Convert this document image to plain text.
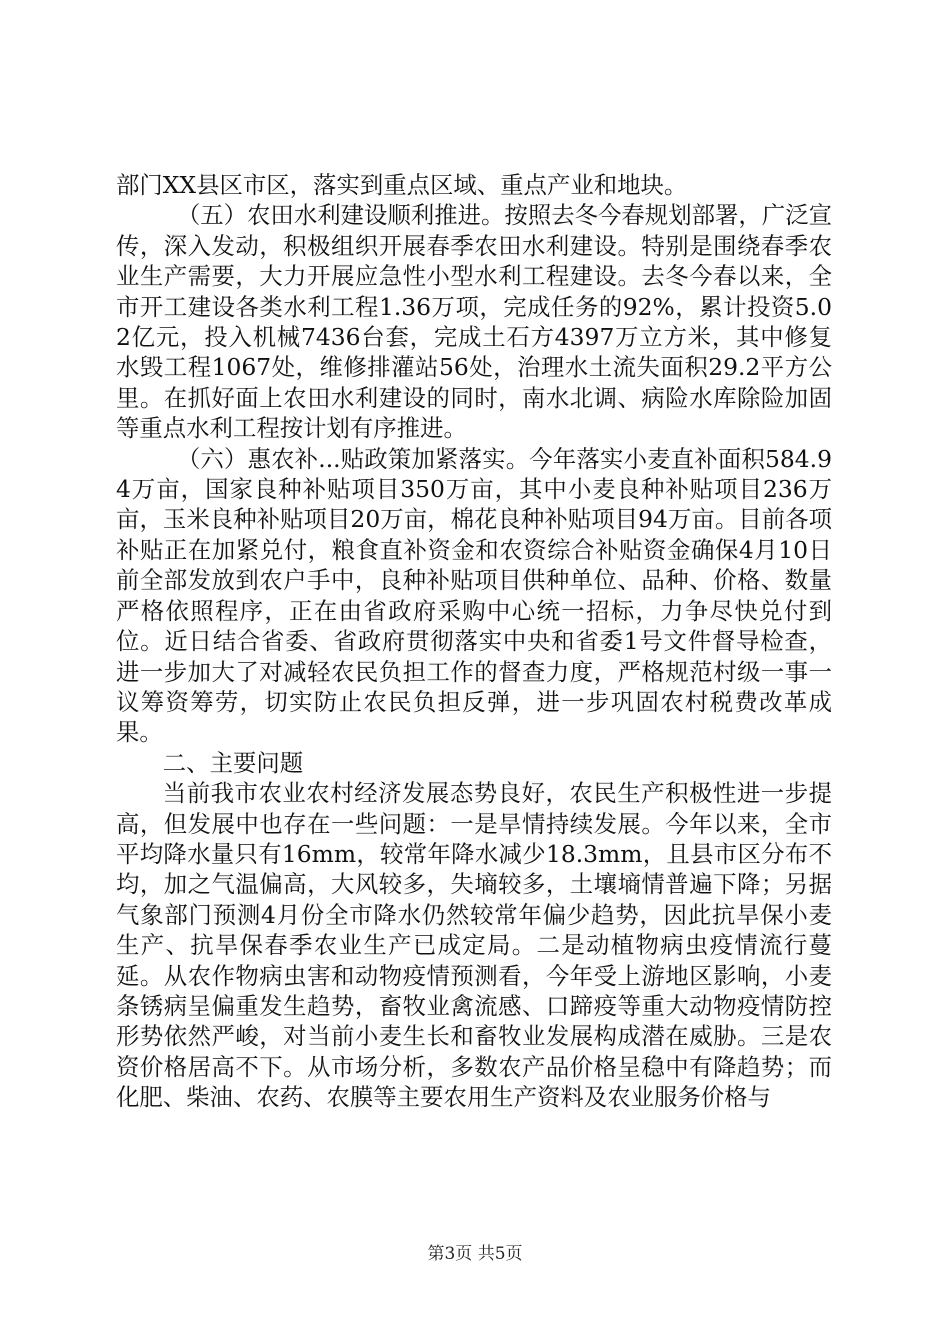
部门XX县区市区，落实到重点区域、重点产业和地块。

（五）农田水利建设顺利推进。按照去冬今春规划部署，广泛宣传，深入发动，积极组织开展春季农田水利建设。特别是围绕春季农业生产需要，大力开展应急性小型水利工程建设。去冬今春以来，全市开工建设各类水利工程1.36万项，完成任务的92%，累计投资5.02亿元，投入机械7436台套，完成土石方4397万立方米，其中修复水毁工程1067处，维修排灌站56处，治理水土流失面积29.2平方公里。在抓好面上农田水利建设的同时，南水北调、病险水库除险加固等重点水利工程按计划有序推进。

（六）惠农补...贴政策加紧落实。今年落实小麦直补面积584.94万亩，国家良种补贴项目350万亩，其中小麦良种补贴项目236万亩，玉米良种补贴项目20万亩，棉花良种补贴项目94万亩。目前各项补贴正在加紧兑付，粮食直补资金和农资综合补贴资金确保4月10日前全部发放到农户手中，良种补贴项目供种单位、品种、价格、数量严格依照程序，正在由省政府采购中心统一招标，力争尽快兑付到位。近日结合省委、省政府贯彻落实中央和省委1号文件督导检查，进一步加大了对减轻农民负担工作的督查力度，严格规范村级一事一议筹资筹劳，切实防止农民负担反弹，进一步巩固农村税费改革成果。

二、主要问题

当前我市农业农村经济发展态势良好，农民生产积极性进一步提高，但发展中也存在一些问题：一是旱情持续发展。今年以来，全市平均降水量只有16mm，较常年降水减少18.3mm，且县市区分布不均，加之气温偏高，大风较多，失墒较多，土壤墒情普遍下降；另据气象部门预测4月份全市降水仍然较常年偏少趋势，因此抗旱保小麦生产、抗旱保春季农业生产已成定局。二是动植物病虫疫情流行蔓延。从农作物病虫害和动物疫情预测看，今年受上游地区影响，小麦条锈病呈偏重发生趋势，畜牧业禽流感、口蹄疫等重大动物疫情防控形势依然严峻，对当前小麦生长和畜牧业发展构成潜在威胁。三是农资价格居高不下。从市场分析，多数农产品价格呈稳中有降趋势；而化肥、柴油、农药、农膜等主要农用生产资料及农业服务价格与

第3页 共5页
